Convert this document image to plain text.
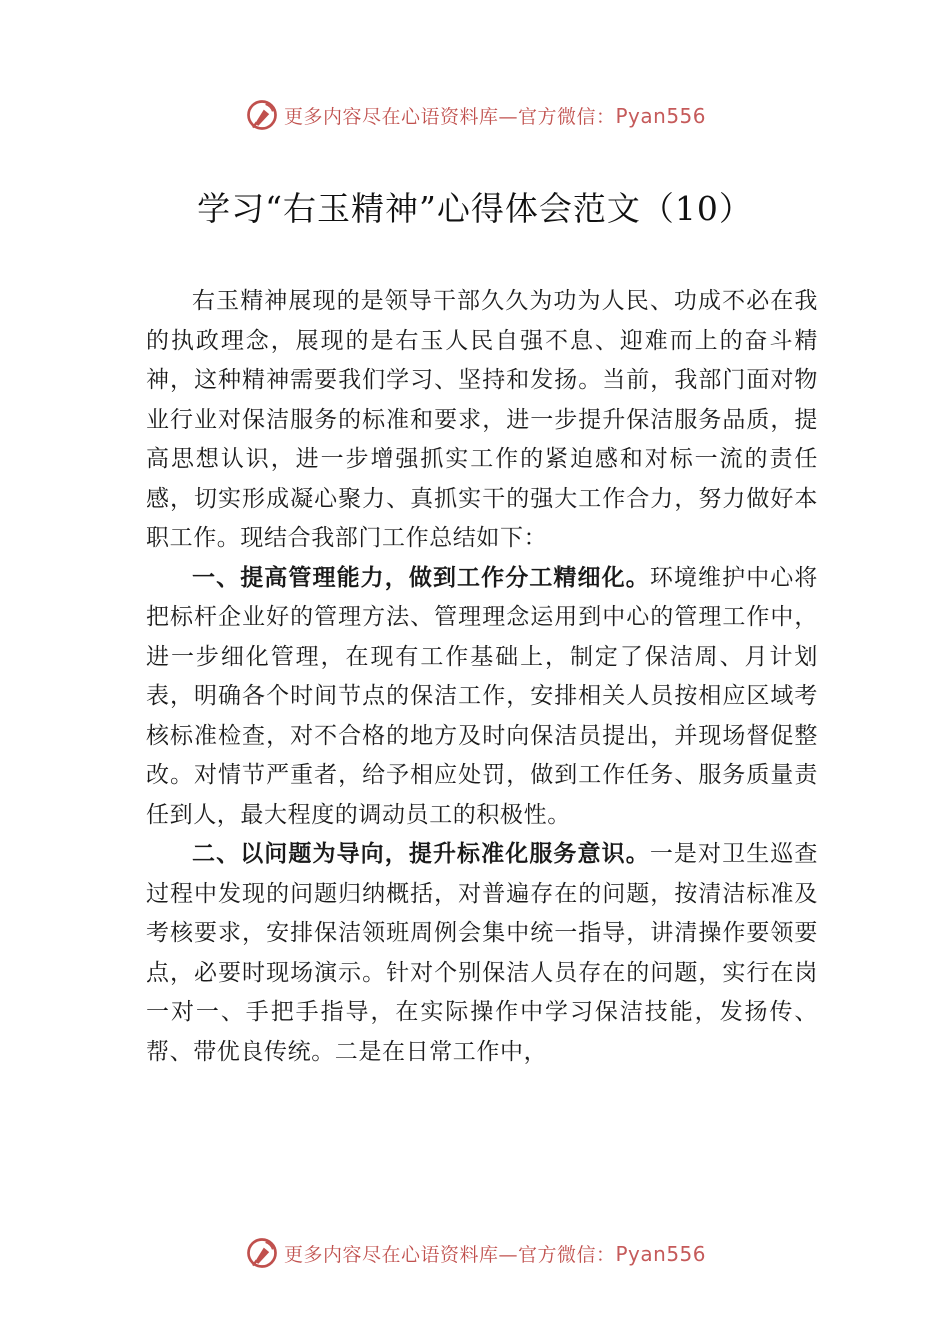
更多内容尽在心语资料库—官方微信：Pyan556
学习“右玉精神”心得体会范文（10）

右玉精神展现的是领导干部久久为功为人民、功成不必在我的执政理念，展现的是右玉人民自强不息、迎难而上的奋斗精神，这种精神需要我们学习、坚持和发扬。当前，我部门面对物业行业对保洁服务的标准和要求，进一步提升保洁服务品质，提高思想认识，进一步增强抓实工作的紧迫感和对标一流的责任感，切实形成凝心聚力、真抓实干的强大工作合力，努力做好本职工作。现结合我部门工作总结如下：

一、提高管理能力，做到工作分工精细化。环境维护中心将把标杆企业好的管理方法、管理理念运用到中心的管理工作中，进一步细化管理，在现有工作基础上，制定了保洁周、月计划表，明确各个时间节点的保洁工作，安排相关人员按相应区域考核标准检查，对不合格的地方及时向保洁员提出，并现场督促整改。对情节严重者，给予相应处罚，做到工作任务、服务质量责任到人，最大程度的调动员工的积极性。

二、以问题为导向，提升标准化服务意识。一是对卫生巡查过程中发现的问题归纳概括，对普遍存在的问题，按清洁标准及考核要求，安排保洁领班周例会集中统一指导，讲清操作要领要点，必要时现场演示。针对个别保洁人员存在的问题，实行在岗一对一、手把手指导，在实际操作中学习保洁技能，发扬传、帮、带优良传统。二是在日常工作中，

更多内容尽在心语资料库—官方微信：Pyan556
